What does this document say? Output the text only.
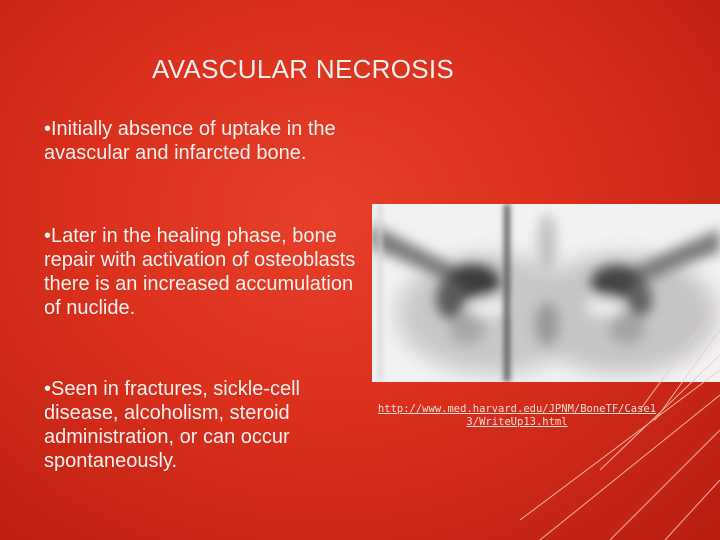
AVASCULAR NECROSIS
•Initially absence of uptake in the avascular and infarcted bone.
•Later in the healing phase, bone repair with activation of osteoblasts there is an increased accumulation of nuclide.
•Seen in fractures, sickle-cell disease, alcoholism, steroid administration, or can occur spontaneously.
http://www.med.harvard.edu/JPNM/BoneTF/Case13/WriteUp13.html
